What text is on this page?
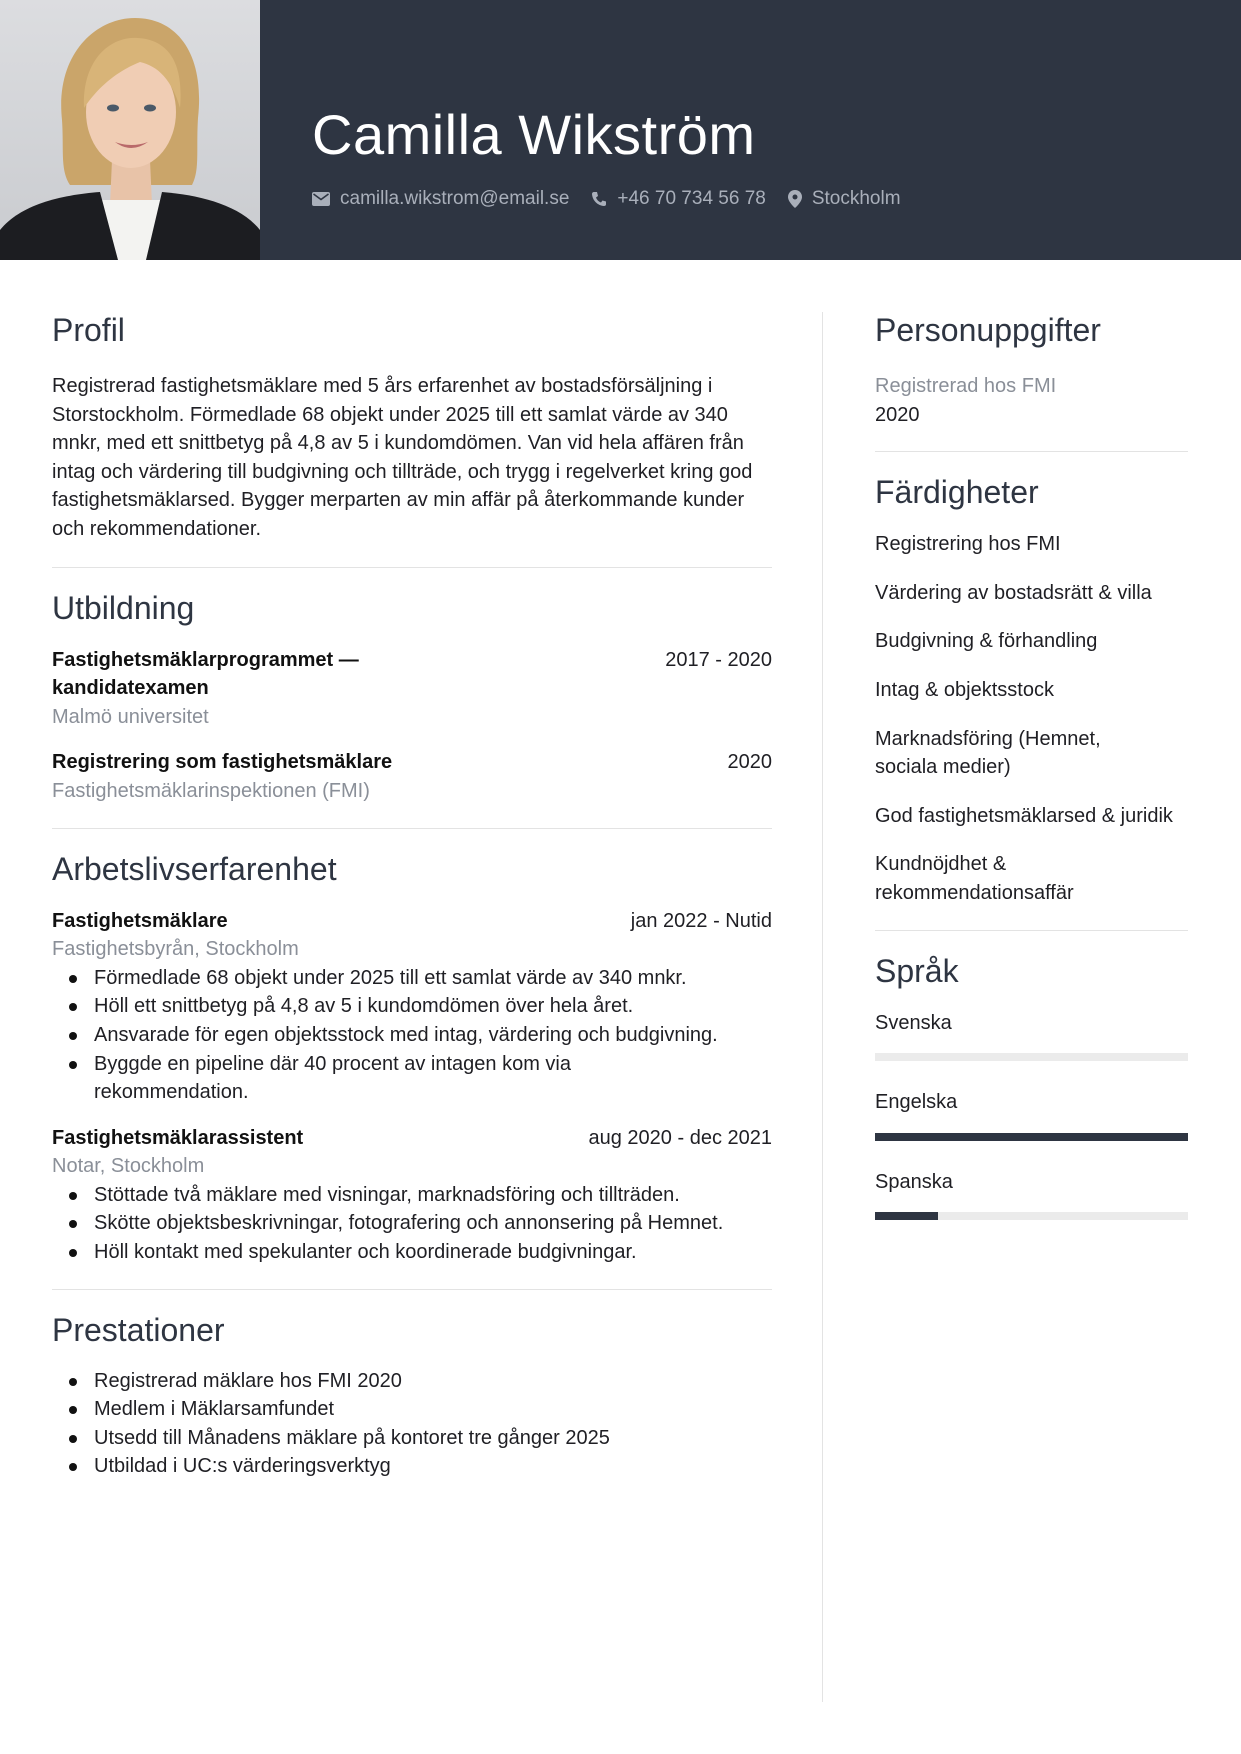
Camilla Wikström
camilla.wikstrom@email.se	+46 70 734 56 78 Stockholm
Profil
Registrerad fastighetsmäklare med 5 års erfarenhet av bostadsförsäljning i Storstockholm. Förmedlade 68 objekt under 2025 till ett samlat värde av 340 mnkr, med ett snittbetyg på 4,8 av 5 i kundomdömen. Van vid hela affären från intag och värdering till budgivning och tillträde, och trygg i regelverket kring god fastighetsmäklarsed. Bygger merparten av min affär på återkommande kunder och rekommendationer.
Utbildning
Fastighetsmäklarprogrammet — kandidatexamen
2017 - 2020
Malmö universitet
Registrering som fastighetsmäklare	2020
Fastighetsmäklarinspektionen (FMI)
Arbetslivserfarenhet
Fastighetsmäklare	jan 2022 - Nutid
Fastighetsbyrån, Stockholm
Förmedlade 68 objekt under 2025 till ett samlat värde av 340 mnkr.
Höll ett snittbetyg på 4,8 av 5 i kundomdömen över hela året.
Ansvarade för egen objektsstock med intag, värdering och budgivning.
Byggde en pipeline där 40 procent av intagen kom via rekommendation.
Fastighetsmäklarassistent	aug 2020 - dec 2021
Notar, Stockholm
Stöttade två mäklare med visningar, marknadsföring och tillträden.
Skötte objektsbeskrivningar, fotografering och annonsering på Hemnet.
Höll kontakt med spekulanter och koordinerade budgivningar.
Prestationer
Registrerad mäklare hos FMI 2020
Medlem i Mäklarsamfundet
Utsedd till Månadens mäklare på kontoret tre gånger 2025
Utbildad i UC:s värderingsverktyg
Personuppgifter
Registrerad hos FMI
2020
Färdigheter
Registrering hos FMI
Värdering av bostadsrätt & villa
Budgivning & förhandling
Intag & objektsstock
Marknadsföring (Hemnet, sociala medier)
God fastighetsmäklarsed & juridik
Kundnöjdhet & rekommendationsaffär
Språk
Svenska
Engelska
Spanska
